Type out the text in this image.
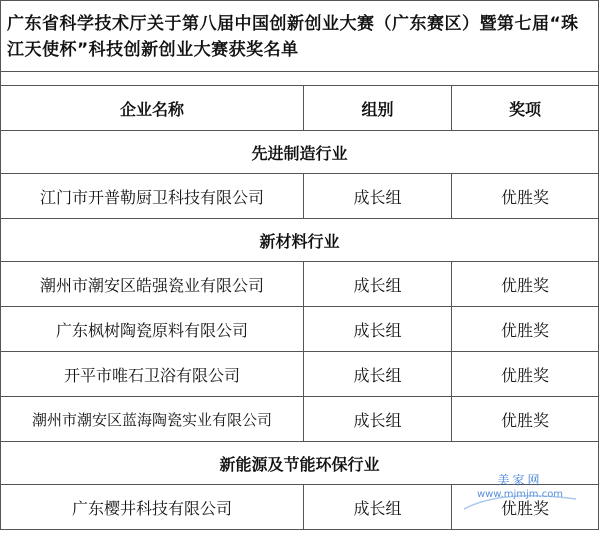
广东省科学技术厅关于第八届中国创新创业大赛（广东赛区）暨第七届“珠江天使杯”科技创新创业大赛获奖名单		

企业名称	组别	奖项
先进制造行业		
江门市开普勒厨卫科技有限公司	成长组	优胜奖
新材料行业		
潮州市潮安区皓强瓷业有限公司	成长组	优胜奖
广东枫树陶瓷原料有限公司	成长组	优胜奖
开平市唯石卫浴有限公司	成长组	优胜奖
潮州市潮安区蓝海陶瓷实业有限公司	成长组	优胜奖
新能源及节能环保行业		
广东樱井科技有限公司	成长组	优胜奖
美家网
www.mjmjm.com
